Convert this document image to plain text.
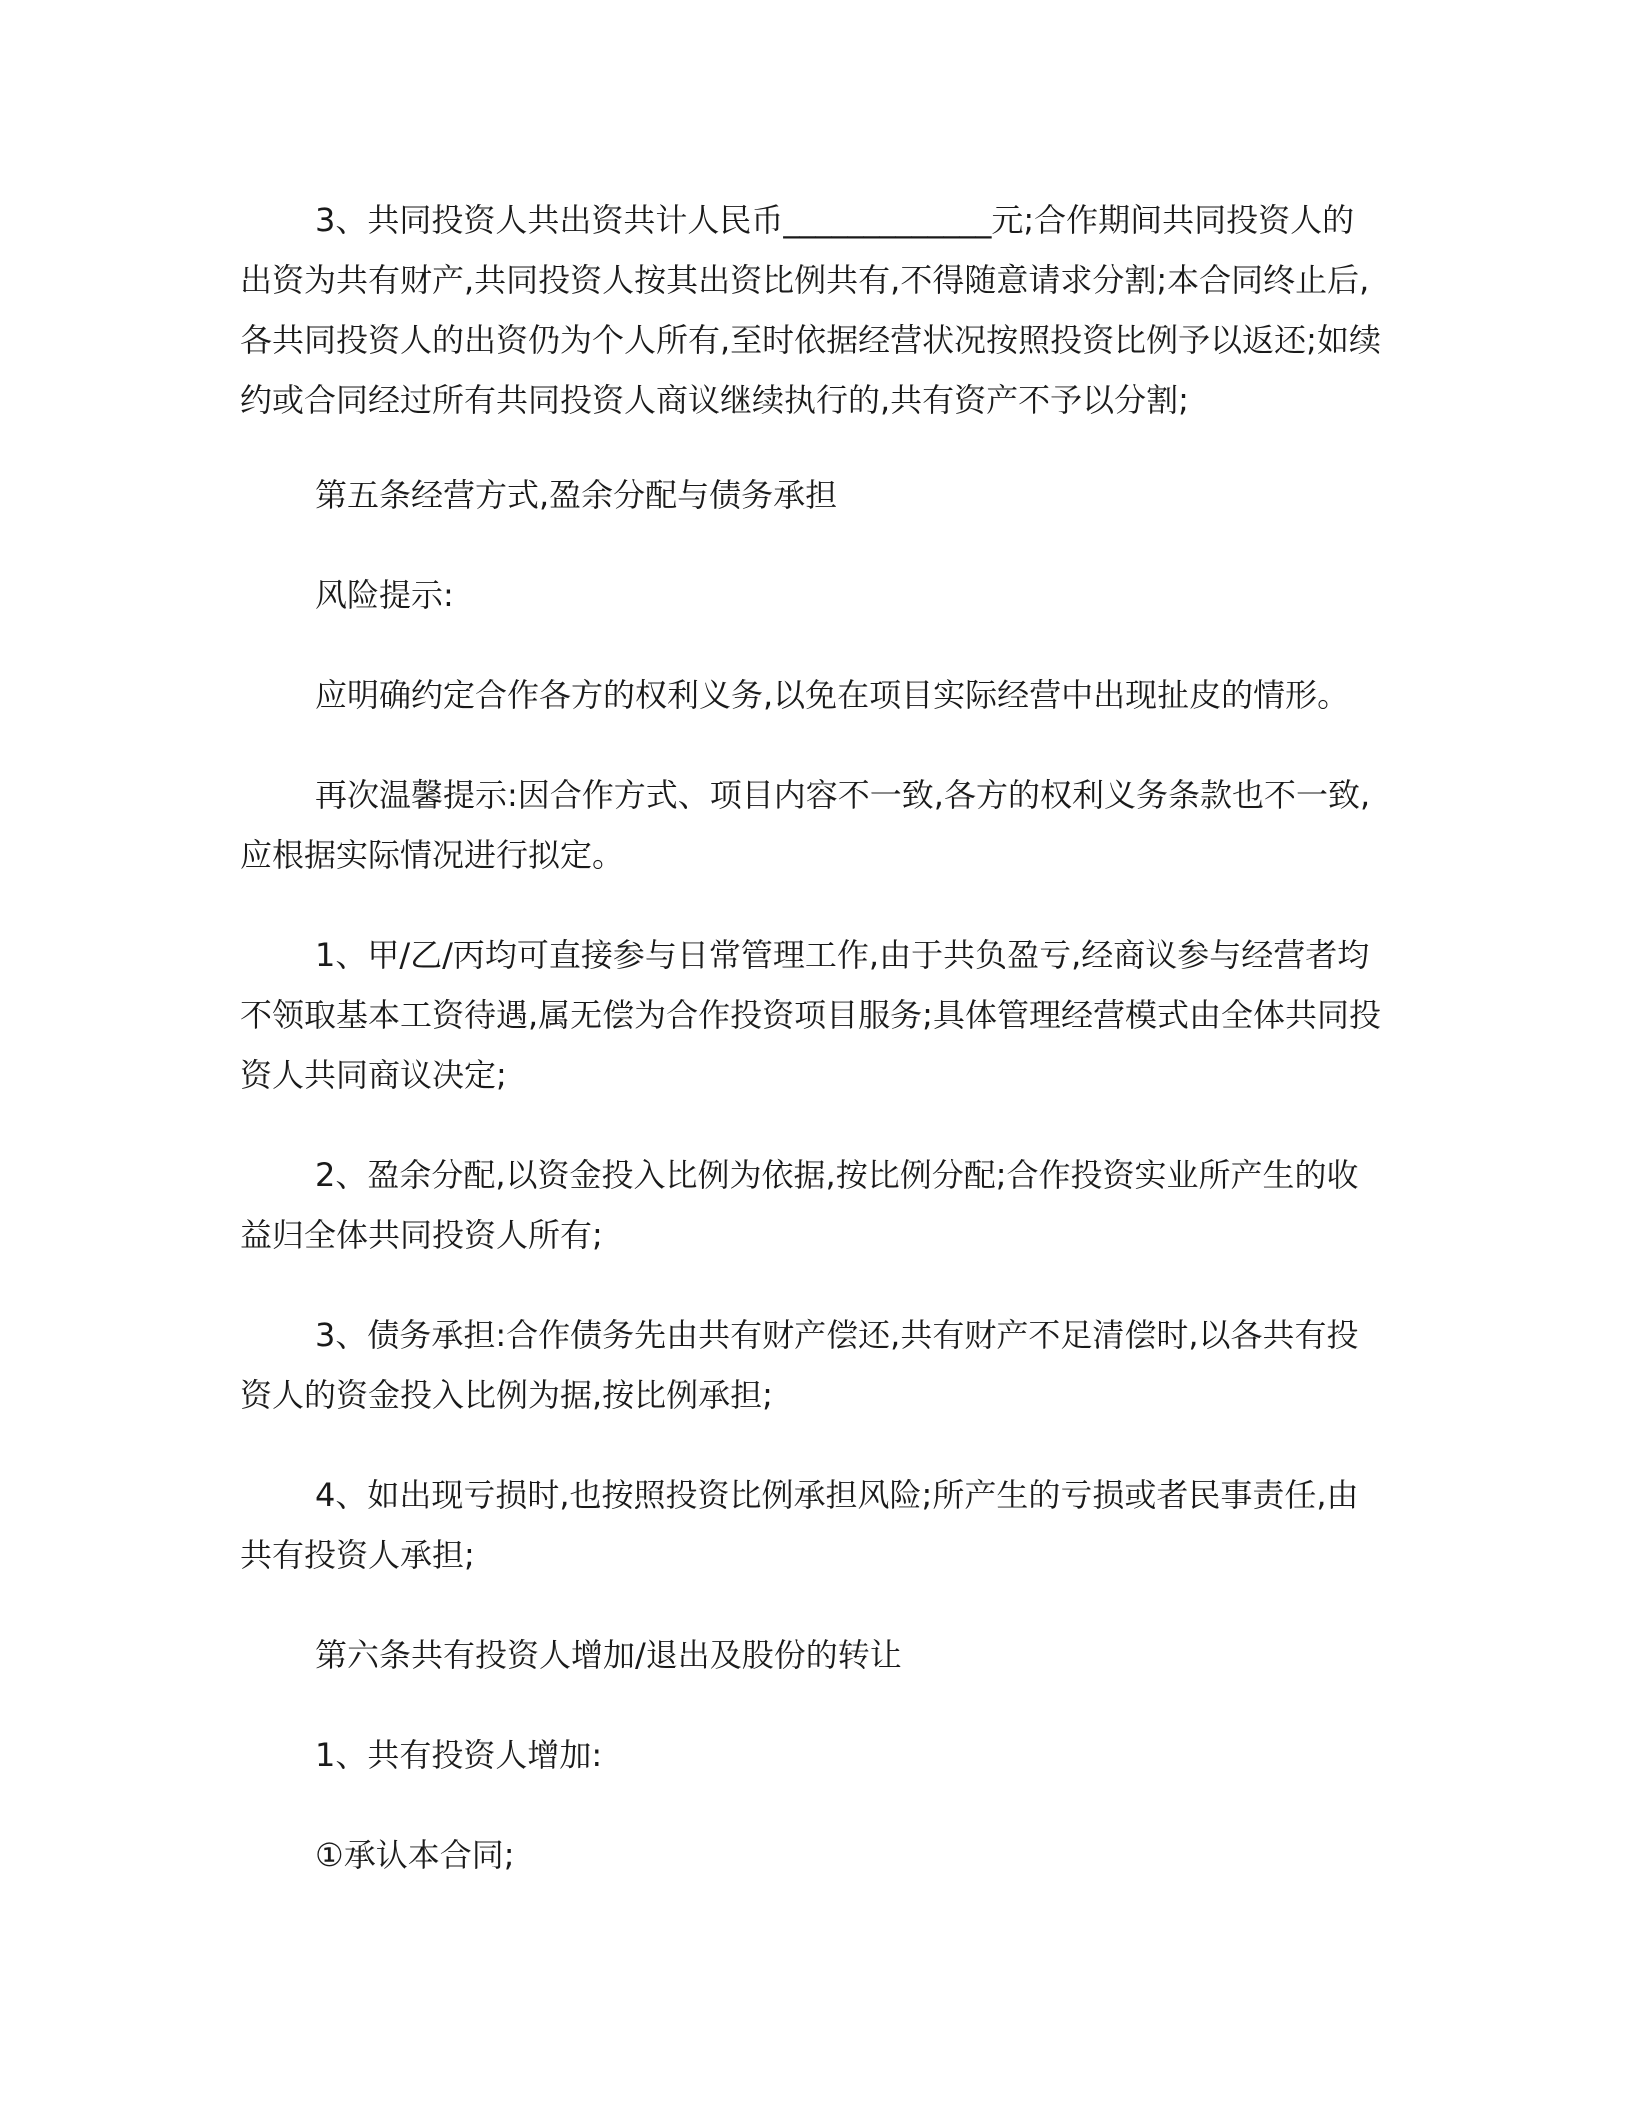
3、共同投资人共出资共计人民币_____________元;合作期间共同投资人的出资为共有财产,共同投资人按其出资比例共有,不得随意请求分割;本合同终止后,各共同投资人的出资仍为个人所有,至时依据经营状况按照投资比例予以返还;如续约或合同经过所有共同投资人商议继续执行的,共有资产不予以分割;

第五条经营方式,盈余分配与债务承担

风险提示:

应明确约定合作各方的权利义务,以免在项目实际经营中出现扯皮的情形。

再次温馨提示:因合作方式、项目内容不一致,各方的权利义务条款也不一致,应根据实际情况进行拟定。

1、甲/乙/丙均可直接参与日常管理工作,由于共负盈亏,经商议参与经营者均不领取基本工资待遇,属无偿为合作投资项目服务;具体管理经营模式由全体共同投资人共同商议决定;

2、盈余分配,以资金投入比例为依据,按比例分配;合作投资实业所产生的收益归全体共同投资人所有;

3、债务承担:合作债务先由共有财产偿还,共有财产不足清偿时,以各共有投资人的资金投入比例为据,按比例承担;

4、如出现亏损时,也按照投资比例承担风险;所产生的亏损或者民事责任,由共有投资人承担;

第六条共有投资人增加/退出及股份的转让

1、共有投资人增加:

①承认本合同;
